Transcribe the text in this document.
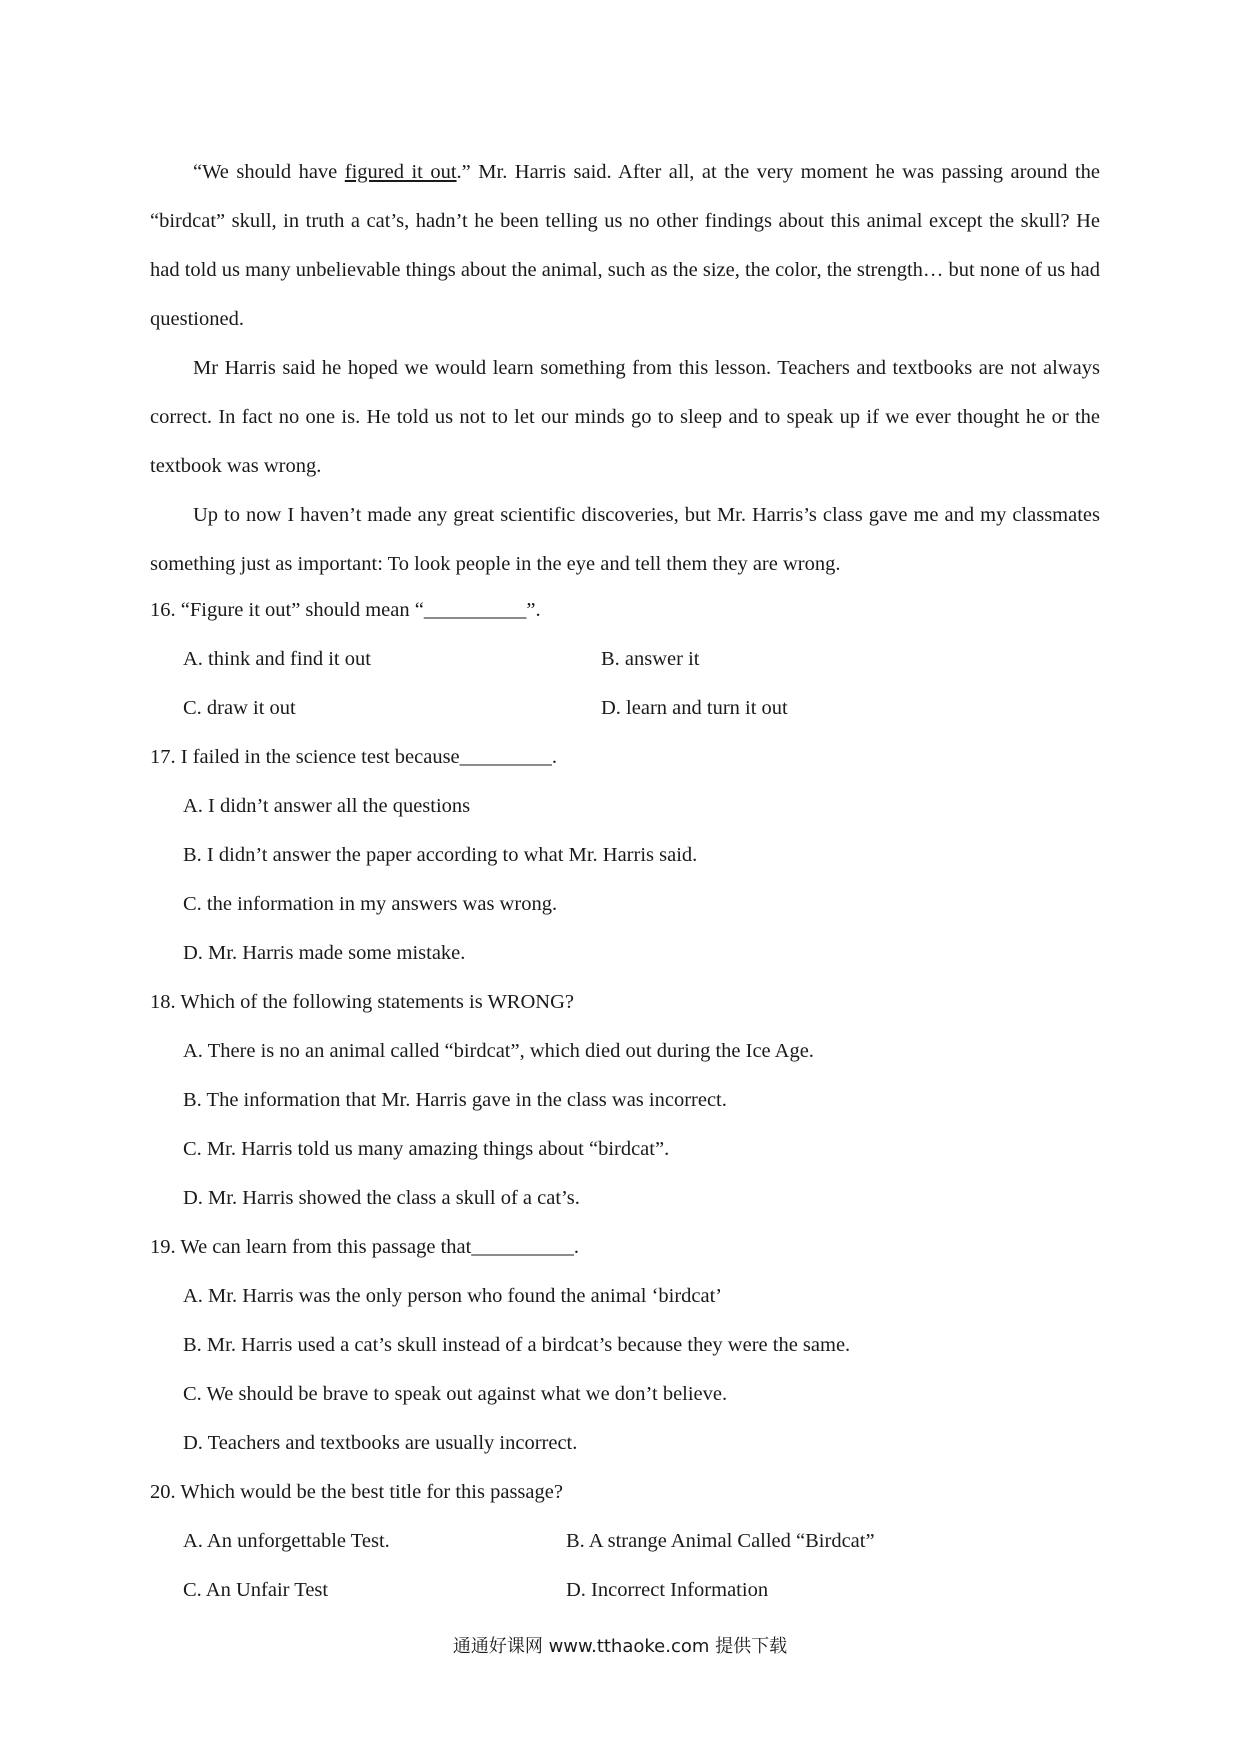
“We should have figured it out.” Mr. Harris said. After all, at the very moment he was passing around the “birdcat” skull, in truth a cat’s, hadn’t he been telling us no other findings about this animal except the skull? He had told us many unbelievable things about the animal, such as the size, the color, the strength… but none of us had questioned.

Mr Harris said he hoped we would learn something from this lesson. Teachers and textbooks are not always correct. In fact no one is. He told us not to let our minds go to sleep and to speak up if we ever thought he or the textbook was wrong.

Up to now I haven’t made any great scientific discoveries, but Mr. Harris’s class gave me and my classmates something just as important: To look people in the eye and tell them they are wrong.

16. “Figure it out” should mean “__________”.
A. think and find it out	B. answer it
C. draw it out	D. learn and turn it out
17. I failed in the science test because_________.
A. I didn’t answer all the questions
B. I didn’t answer the paper according to what Mr. Harris said.
C. the information in my answers was wrong.
D. Mr. Harris made some mistake.
18. Which of the following statements is WRONG?
A. There is no an animal called “birdcat”, which died out during the Ice Age.
B. The information that Mr. Harris gave in the class was incorrect.
C. Mr. Harris told us many amazing things about “birdcat”.
D. Mr. Harris showed the class a skull of a cat’s.
19. We can learn from this passage that__________.
A. Mr. Harris was the only person who found the animal ‘birdcat’
B. Mr. Harris used a cat’s skull instead of a birdcat’s because they were the same.
C. We should be brave to speak out against what we don’t believe.
D. Teachers and textbooks are usually incorrect.
20. Which would be the best title for this passage?
A. An unforgettable Test.	B. A strange Animal Called “Birdcat”
C. An Unfair Test	D. Incorrect Information
通通好课网 www.tthaoke.com 提供下载
